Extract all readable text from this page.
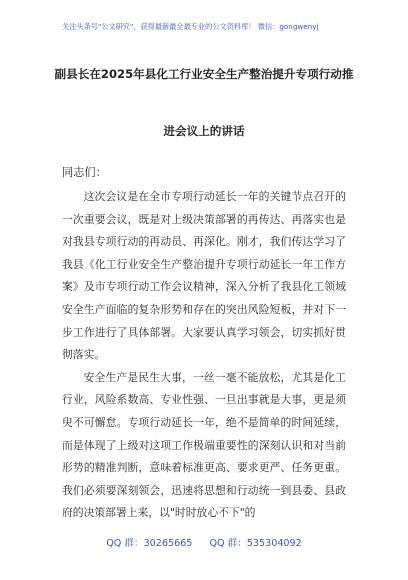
关注头条号"公文研究"，获得最新最全最专业的公文资料库！ 微信：gongwenyj
副县长在2025年县化工行业安全生产整治提升专项行动推
进会议上的讲话
同志们：

这次会议是在全市专项行动延长一年的关键节点召开的一次重要会议，既是对上级决策部署的再传达、再落实也是对我县专项行动的再动员、再深化。刚才，我们传达学习了我县《化工行业安全生产整治提升专项行动延长一年工作方案》及市专项行动工作会议精神，深入分析了我县化工领域安全生产面临的复杂形势和存在的突出风险短板，并对下一步工作进行了具体部署。大家要认真学习领会，切实抓好贯彻落实。

安全生产是民生大事，一丝一毫不能放松，尤其是化工行业，风险系数高、专业性强、一旦出事就是大事，更是须臾不可懈怠。专项行动延长一年，绝不是简单的时间延续，而是体现了上级对这项工作极端重要性的深刻认识和对当前形势的精准判断，意味着标准更高、要求更严、任务更重。我们必须要深刻领会，迅速将思想和行动统一到县委、县政府的决策部署上来，以"时时放心不下"的

QQ 群：30265665 QQ 群：535304092
